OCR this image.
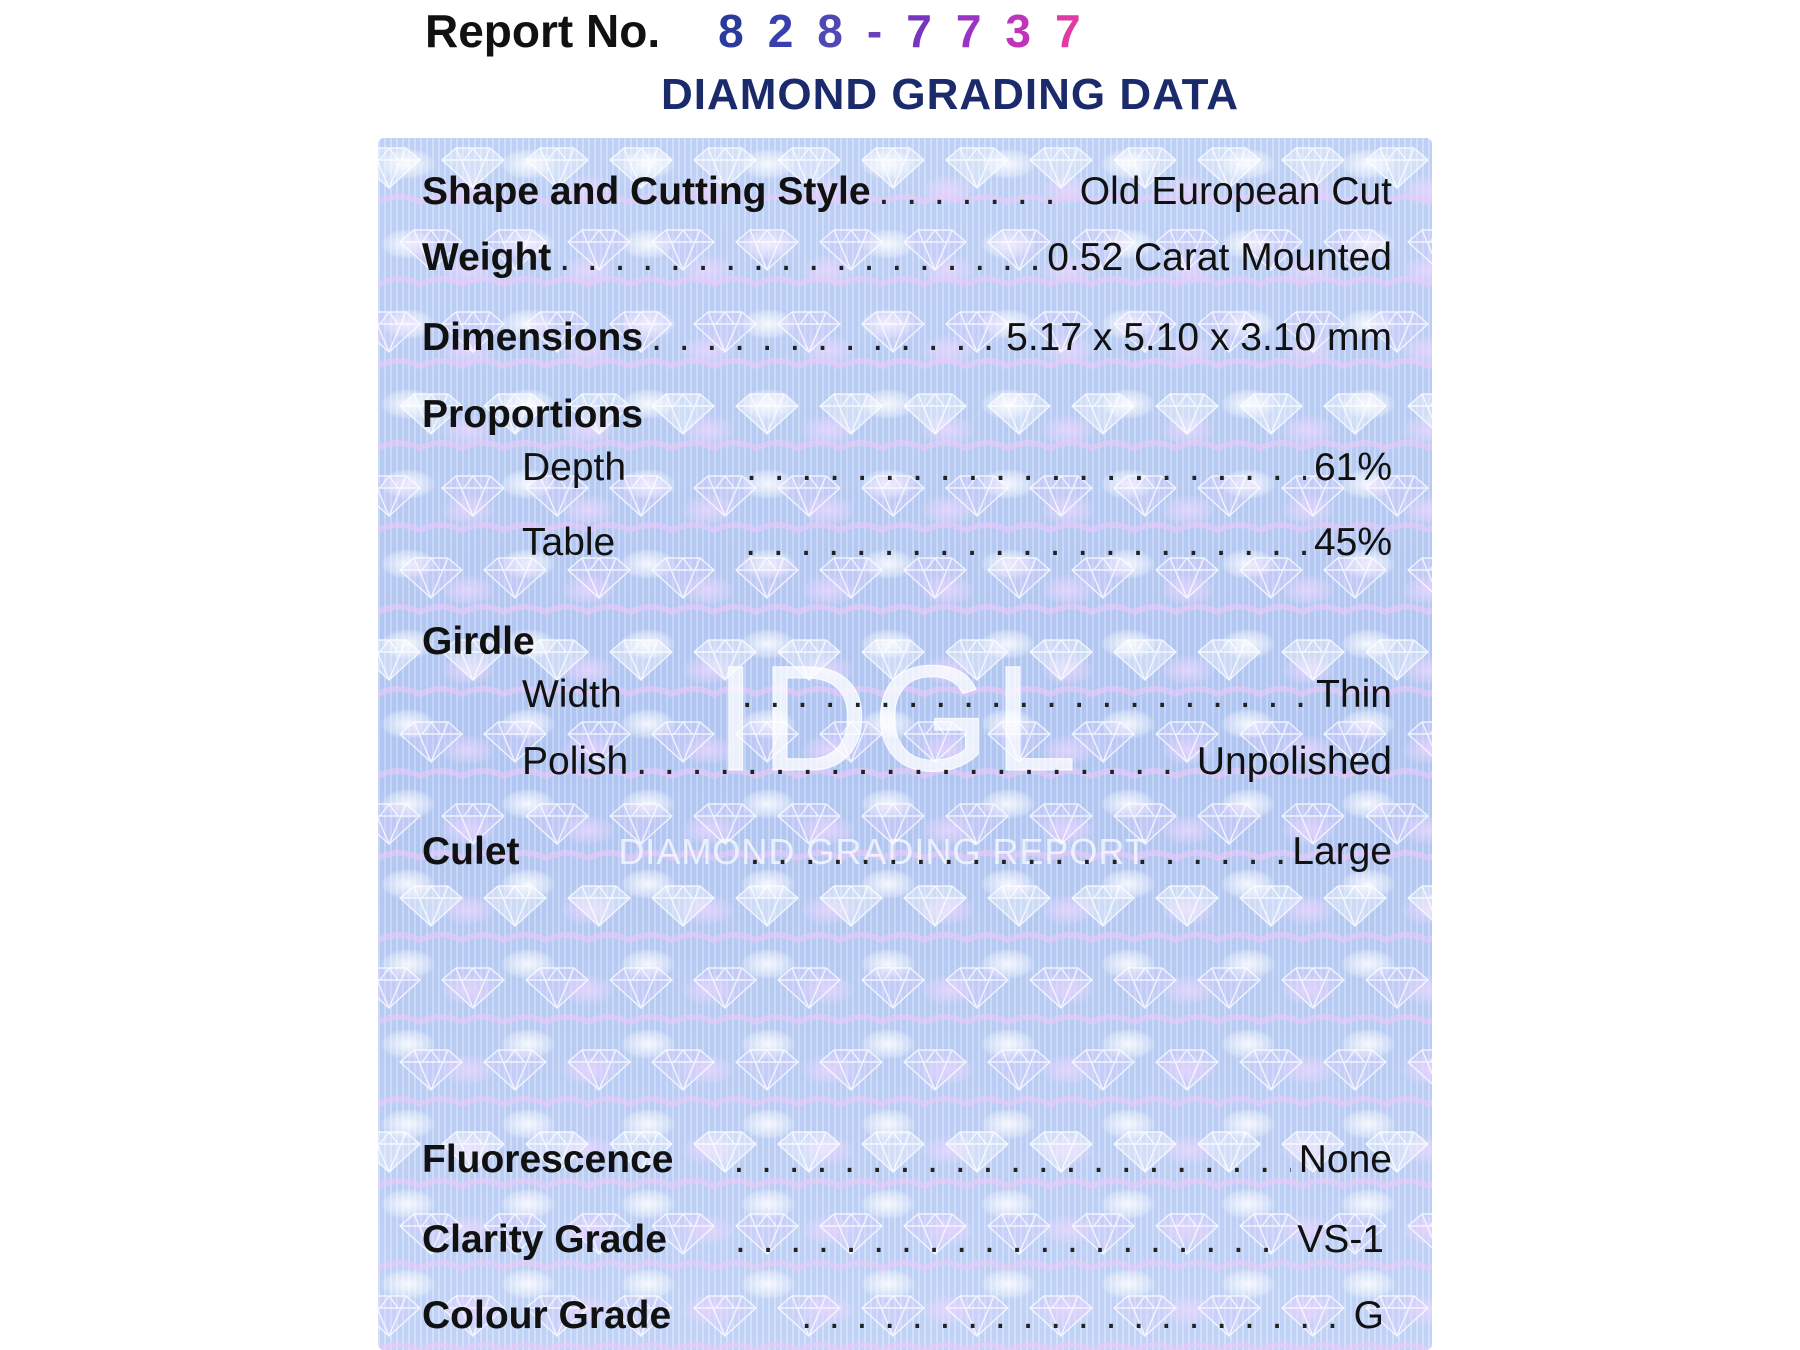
Report No. 8 2 8 - 7 7 3 7
DIAMOND GRADING DATA
IDGL
DIAMOND GRADING REPORT
Shape and Cutting Style . . .	Old European Cut
Weight . . .	0.52 Carat Mounted
Dimensions . . .	5.17 x 5.10 x 3.10 mm
Proportions
Depth . . .	61%
Table . . .	45%
Girdle
Width . . .	Thin
Polish . . .	Unpolished
Culet . . .	Large
Fluorescence . . .	None
Clarity Grade . . .	VS-1
Colour Grade . . .	G
